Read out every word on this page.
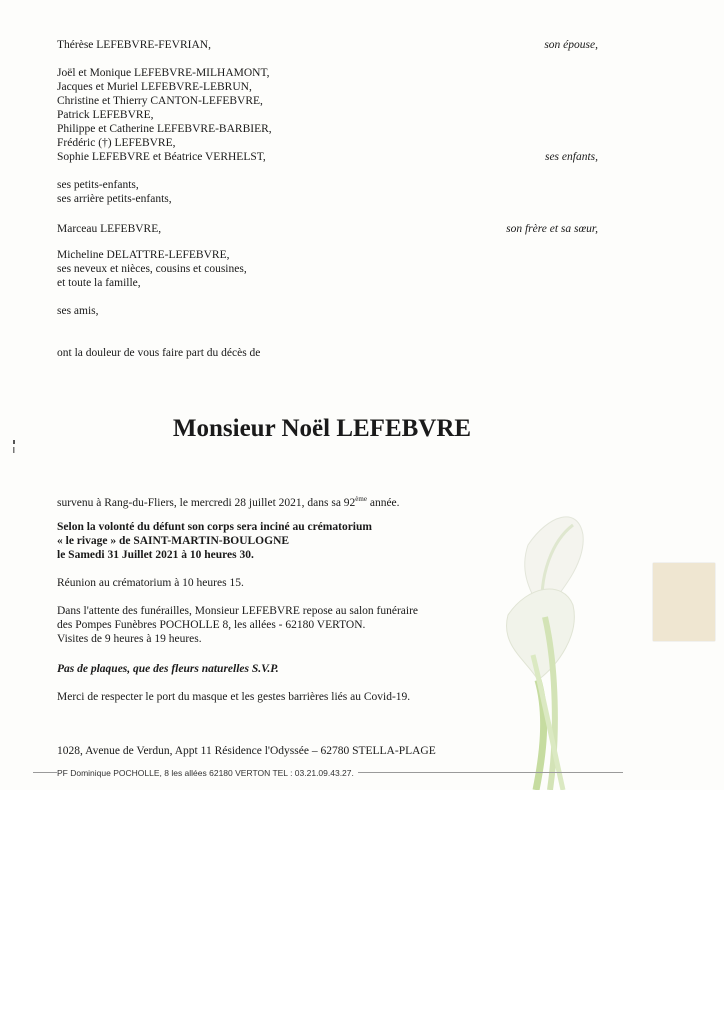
Thérèse LEFEBVRE-FEVRIAN,	son épouse,
Joël et Monique LEFEBVRE-MILHAMONT,
Jacques et Muriel LEFEBVRE-LEBRUN,
Christine et Thierry CANTON-LEFEBVRE,
Patrick LEFEBVRE,
Philippe et Catherine LEFEBVRE-BARBIER,
Frédéric (†) LEFEBVRE,
Sophie LEFEBVRE et Béatrice VERHELST,	ses enfants,
ses petits-enfants,
ses arrière petits-enfants,
Marceau LEFEBVRE,	son frère et sa sœur,
Micheline DELATTRE-LEFEBVRE,
ses neveux et nièces, cousins et cousines,
et toute la famille,
ses amis,
ont la douleur de vous faire part du décès de
Monsieur Noël LEFEBVRE
survenu à Rang-du-Fliers, le mercredi 28 juillet 2021, dans sa 92ème année.
Selon la volonté du défunt son corps sera inciné au crématorium
« le rivage » de SAINT-MARTIN-BOULOGNE
le Samedi 31 Juillet 2021 à 10 heures 30.
Réunion au crématorium à 10 heures 15.
Dans l'attente des funérailles, Monsieur LEFEBVRE repose au salon funéraire
des Pompes Funèbres POCHOLLE 8, les allées - 62180 VERTON.
Visites de 9 heures à 19 heures.
Pas de plaques, que des fleurs naturelles S.V.P.
Merci de respecter le port du masque et les gestes barrières liés au Covid-19.
1028, Avenue de Verdun, Appt 11 Résidence l'Odyssée – 62780 STELLA-PLAGE
PF Dominique POCHOLLE, 8 les allées 62180 VERTON TEL : 03.21.09.43.27.
